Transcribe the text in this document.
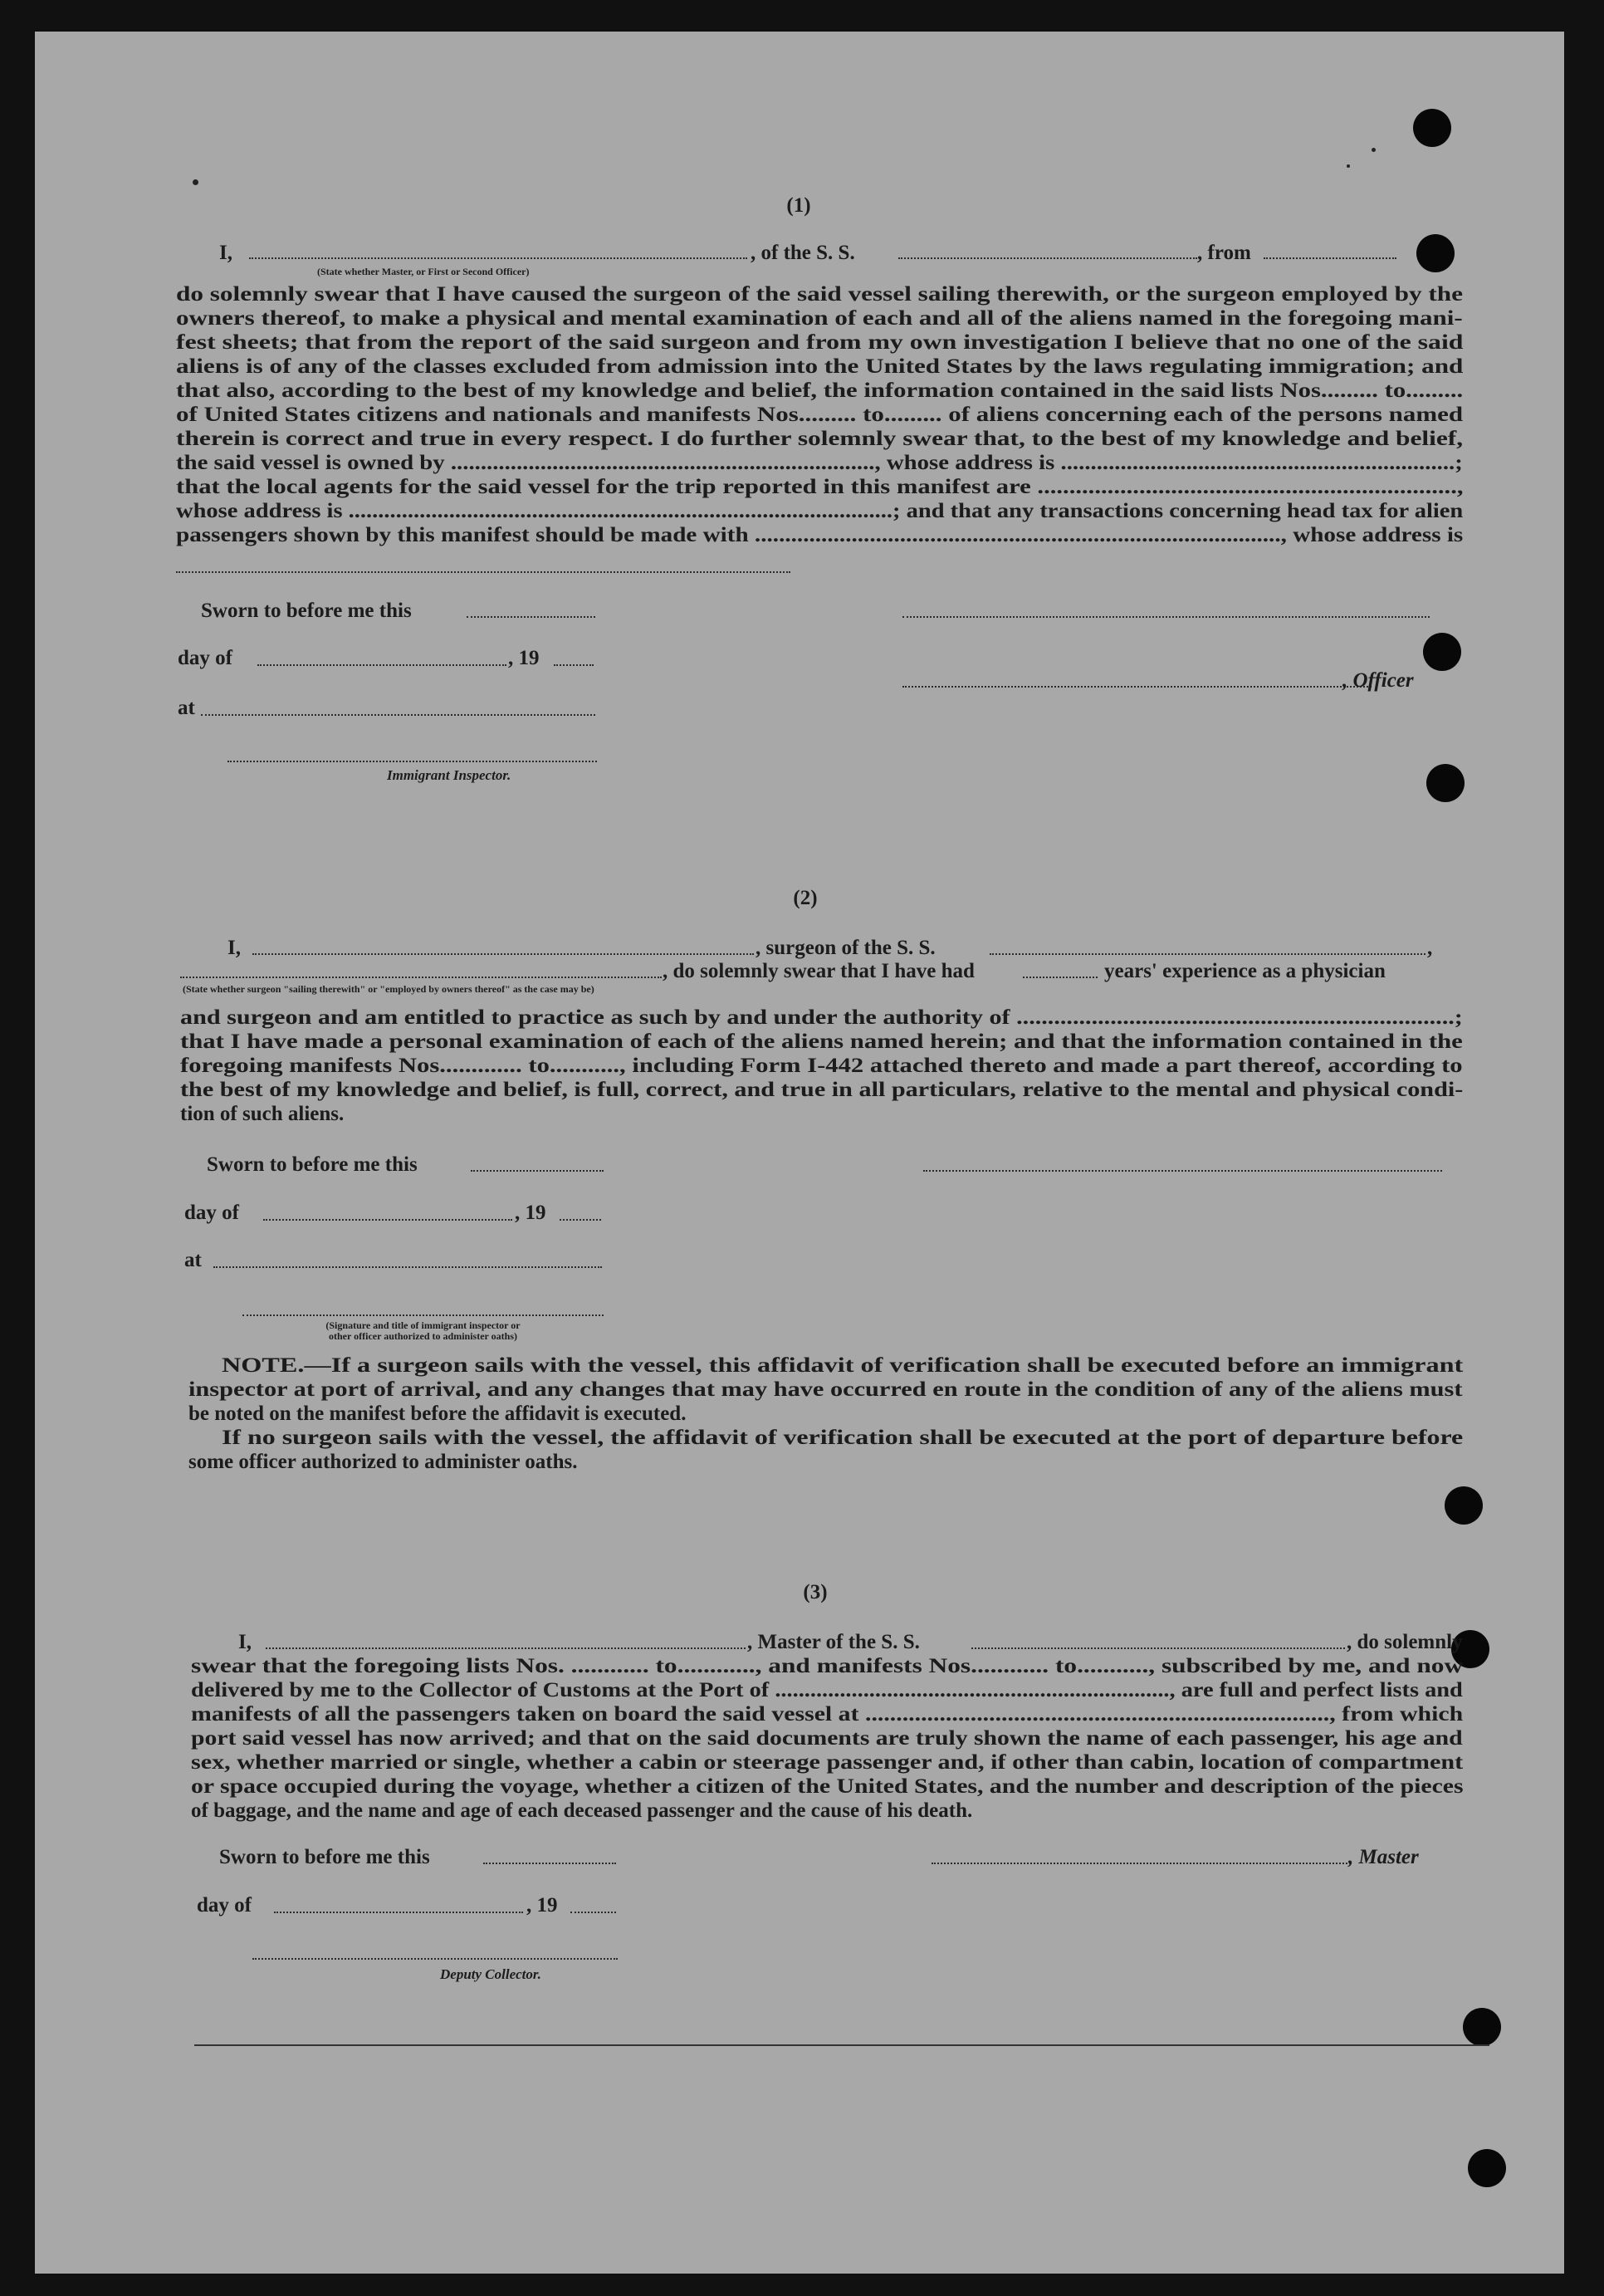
(1)
I,	, of the S. S.	, from
(State whether Master, or First or Second Officer)
do solemnly swear that I have caused the surgeon of the said vessel sailing therewith, or the surgeon employed by the
owners thereof, to make a physical and mental examination of each and all of the aliens named in the foregoing mani-
fest sheets; that from the report of the said surgeon and from my own investigation I believe that no one of the said
aliens is of any of the classes excluded from admission into the United States by the laws regulating immigration; and
that also, according to the best of my knowledge and belief, the information contained in the said lists Nos......... to.........
of United States citizens and nationals and manifests Nos......... to......... of aliens concerning each of the persons named
therein is correct and true in every respect. I do further solemnly swear that, to the best of my knowledge and belief,
the said vessel is owned by ......................................................................., whose address is ..................................................................;
that the local agents for the said vessel for the trip reported in this manifest are ..................................................................,
whose address is ............................................................................................; and that any transactions concerning head tax for alien
passengers shown by this manifest should be made with ......................................................................................., whose address is
Sworn to before me this
day of	, 19
, Officer
at
Immigrant Inspector.
(2)
I,	, surgeon of the S. S.	,
, do solemnly swear that I have had	years' experience as a physician
(State whether surgeon "sailing therewith" or "employed by owners thereof" as the case may be)
and surgeon and am entitled to practice as such by and under the authority of ......................................................................;
that I have made a personal examination of each of the aliens named herein; and that the information contained in the
foregoing manifests Nos............. to..........., including Form I-442 attached thereto and made a part thereof, according to
the best of my knowledge and belief, is full, correct, and true in all particulars, relative to the mental and physical condi-
tion of such aliens.
Sworn to before me this
day of	, 19
at
(Signature and title of immigrant inspector or
other officer authorized to administer oaths)
NOTE.—If a surgeon sails with the vessel, this affidavit of verification shall be executed before an immigrant
inspector at port of arrival, and any changes that may have occurred en route in the condition of any of the aliens must
be noted on the manifest before the affidavit is executed.
If no surgeon sails with the vessel, the affidavit of verification shall be executed at the port of departure before
some officer authorized to administer oaths.
(3)
I,	, Master of the S. S.	, do solemnly
swear that the foregoing lists Nos. ............ to............, and manifests Nos............ to..........., subscribed by me, and now
delivered by me to the Collector of Customs at the Port of ..................................................................., are full and perfect lists and
manifests of all the passengers taken on board the said vessel at ..........................................................................., from which
port said vessel has now arrived; and that on the said documents are truly shown the name of each passenger, his age and
sex, whether married or single, whether a cabin or steerage passenger and, if other than cabin, location of compartment
or space occupied during the voyage, whether a citizen of the United States, and the number and description of the pieces
of baggage, and the name and age of each deceased passenger and the cause of his death.
Sworn to before me this	, Master
day of	, 19
Deputy Collector.
